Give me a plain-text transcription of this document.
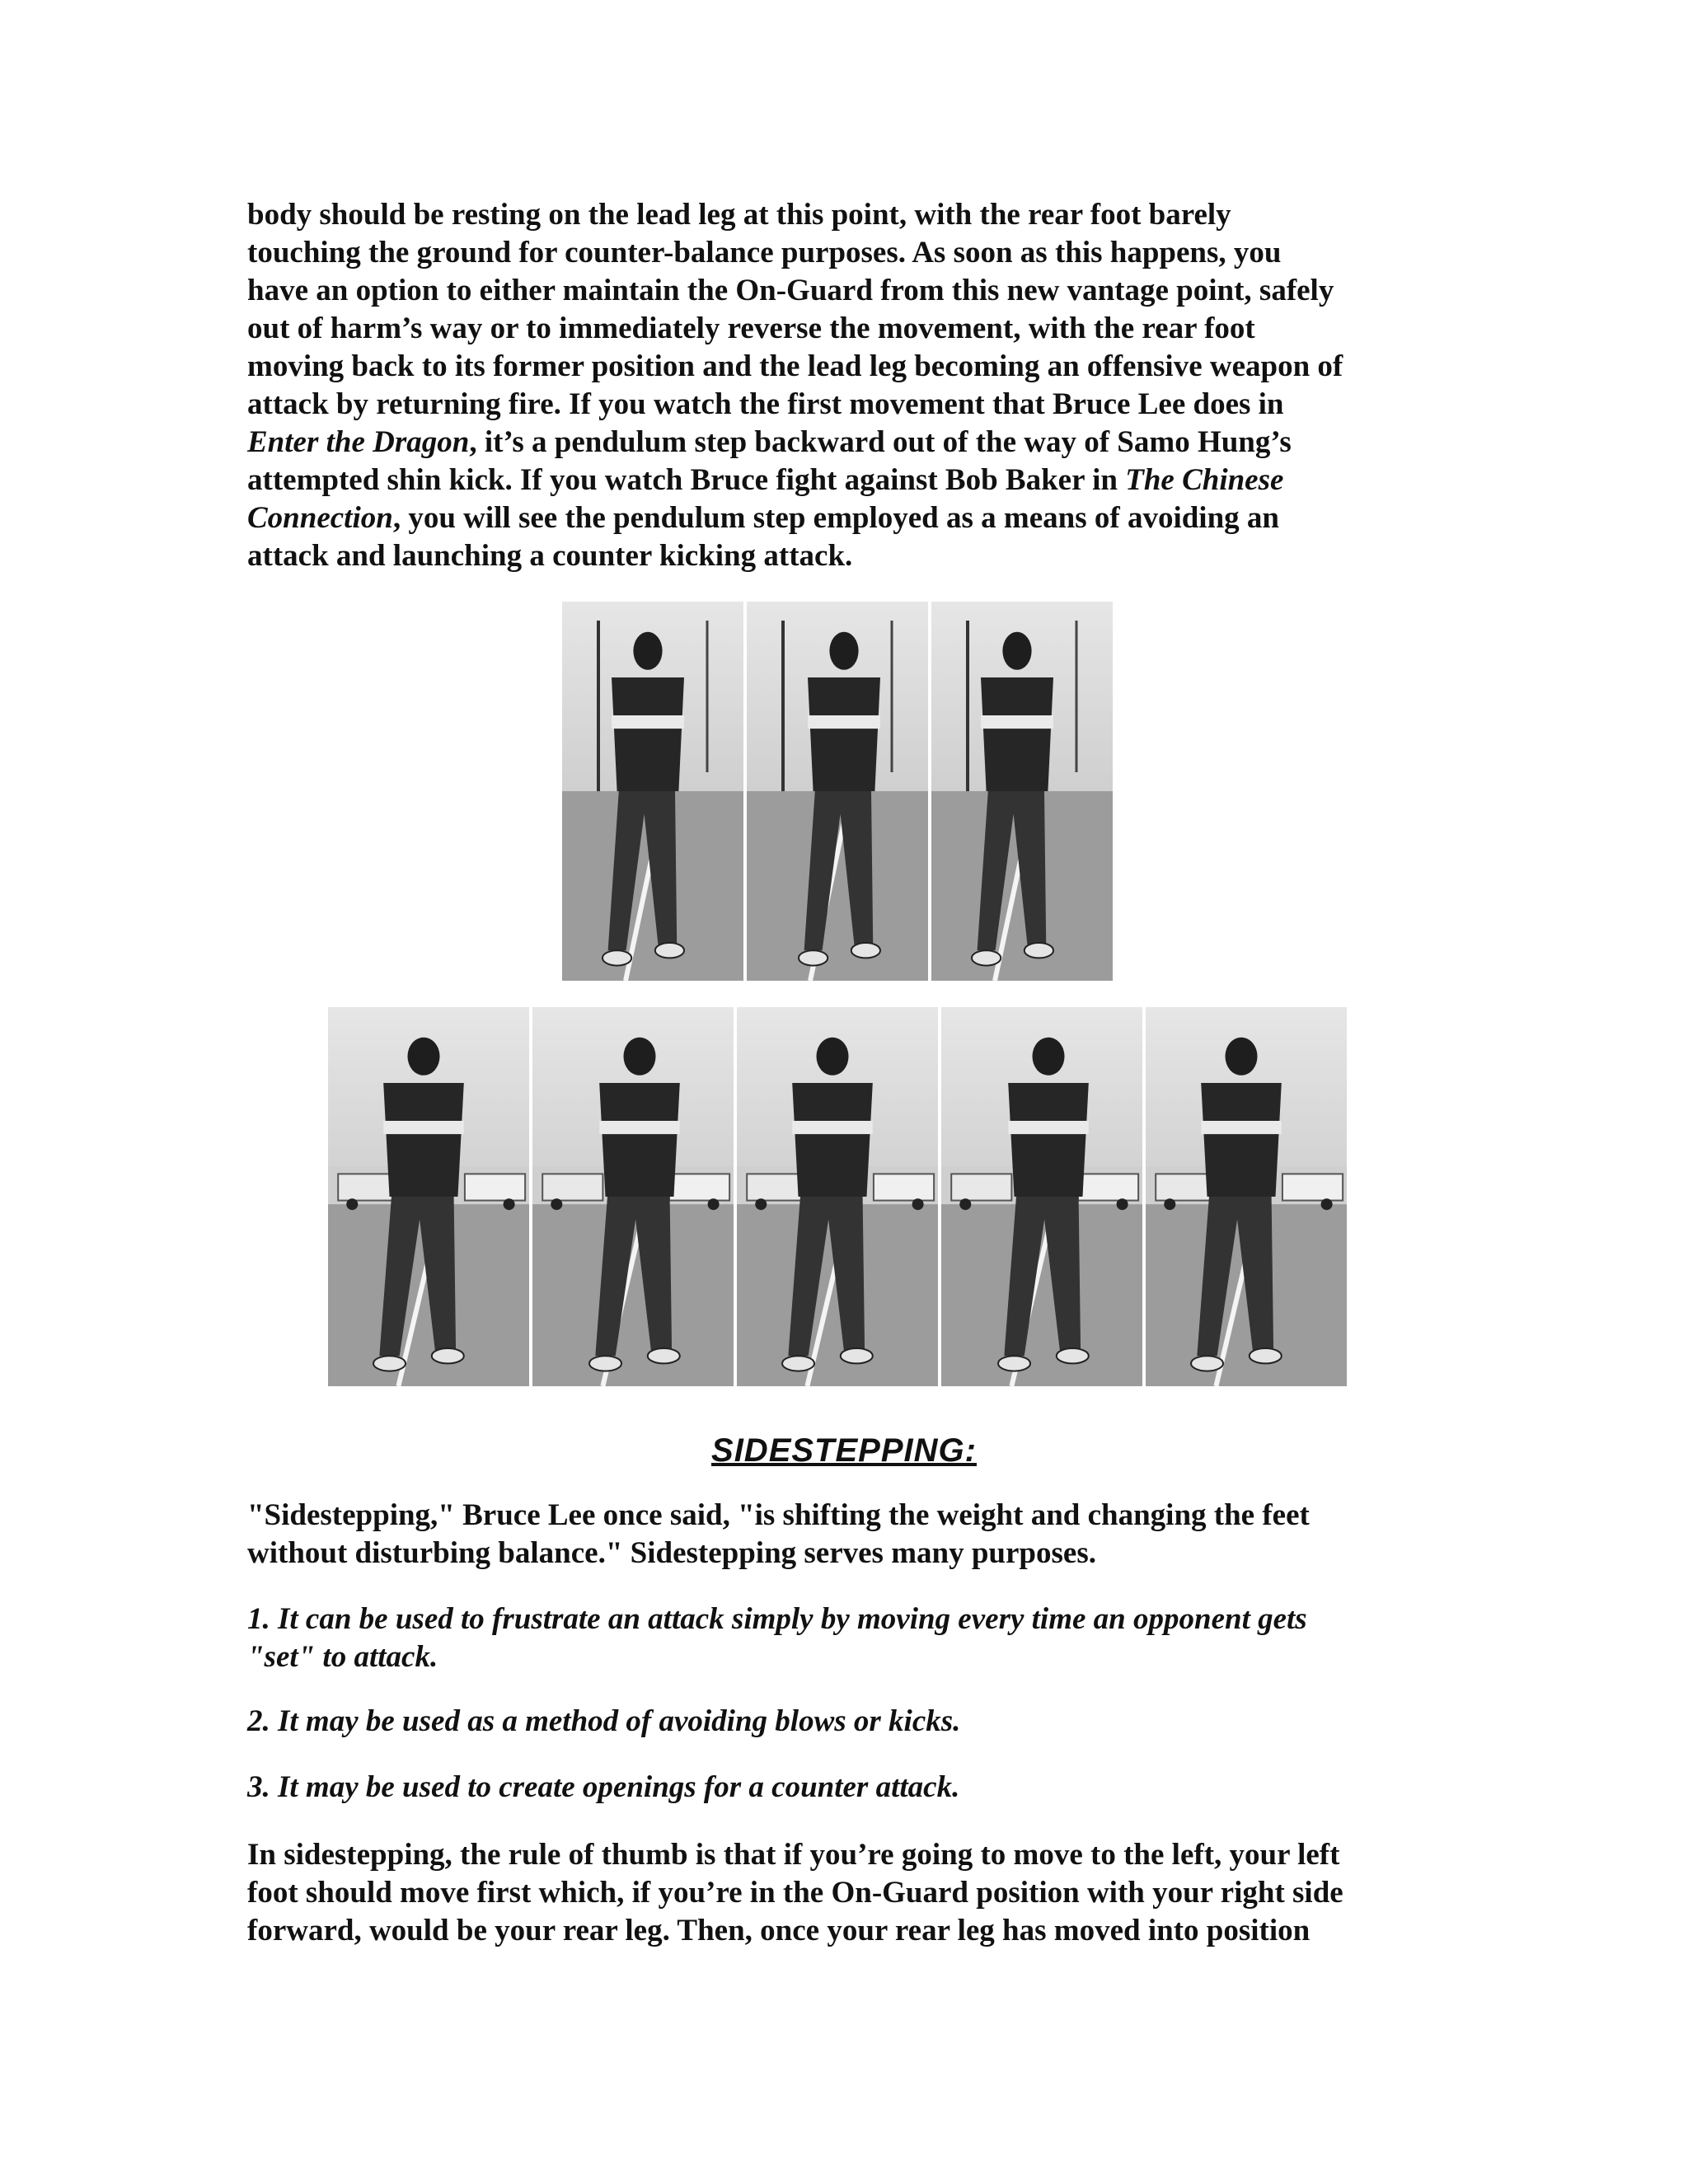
body should be resting on the lead leg at this point, with the rear foot barely
touching the ground for counter-balance purposes. As soon as this happens, you
have an option to either maintain the On-Guard from this new vantage point, safely
out of harm’s way or to immediately reverse the movement, with the rear foot
moving back to its former position and the lead leg becoming an offensive weapon of
attack by returning fire. If you watch the first movement that Bruce Lee does in
Enter the Dragon, it’s a pendulum step backward out of the way of Samo Hung’s
attempted shin kick. If you watch Bruce fight against Bob Baker in The Chinese
Connection, you will see the pendulum step employed as a means of avoiding an
attack and launching a counter kicking attack.
SIDESTEPPING:
"Sidestepping," Bruce Lee once said, "is shifting the weight and changing the feet
without disturbing balance." Sidestepping serves many purposes.
1. It can be used to frustrate an attack simply by moving every time an opponent gets
"set" to attack.
2. It may be used as a method of avoiding blows or kicks.
3. It may be used to create openings for a counter attack.
In sidestepping, the rule of thumb is that if you’re going to move to the left, your left
foot should move first which, if you’re in the On-Guard position with your right side
forward, would be your rear leg. Then, once your rear leg has moved into position
